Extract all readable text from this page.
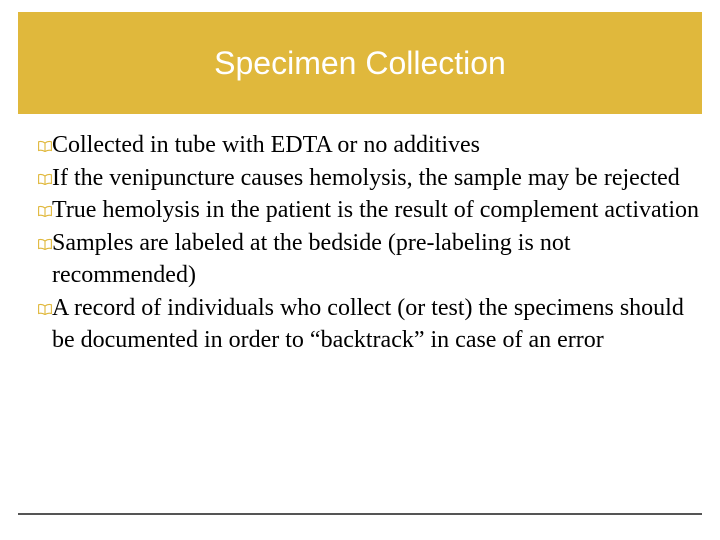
Specimen Collection
Collected in tube with EDTA or no additives
If the venipuncture causes hemolysis, the sample may be rejected
True hemolysis in the patient is the result of complement activation
Samples are labeled at the bedside (pre-labeling is not recommended)
A record of individuals who collect (or test) the specimens should be documented in order to “backtrack” in case of an error
